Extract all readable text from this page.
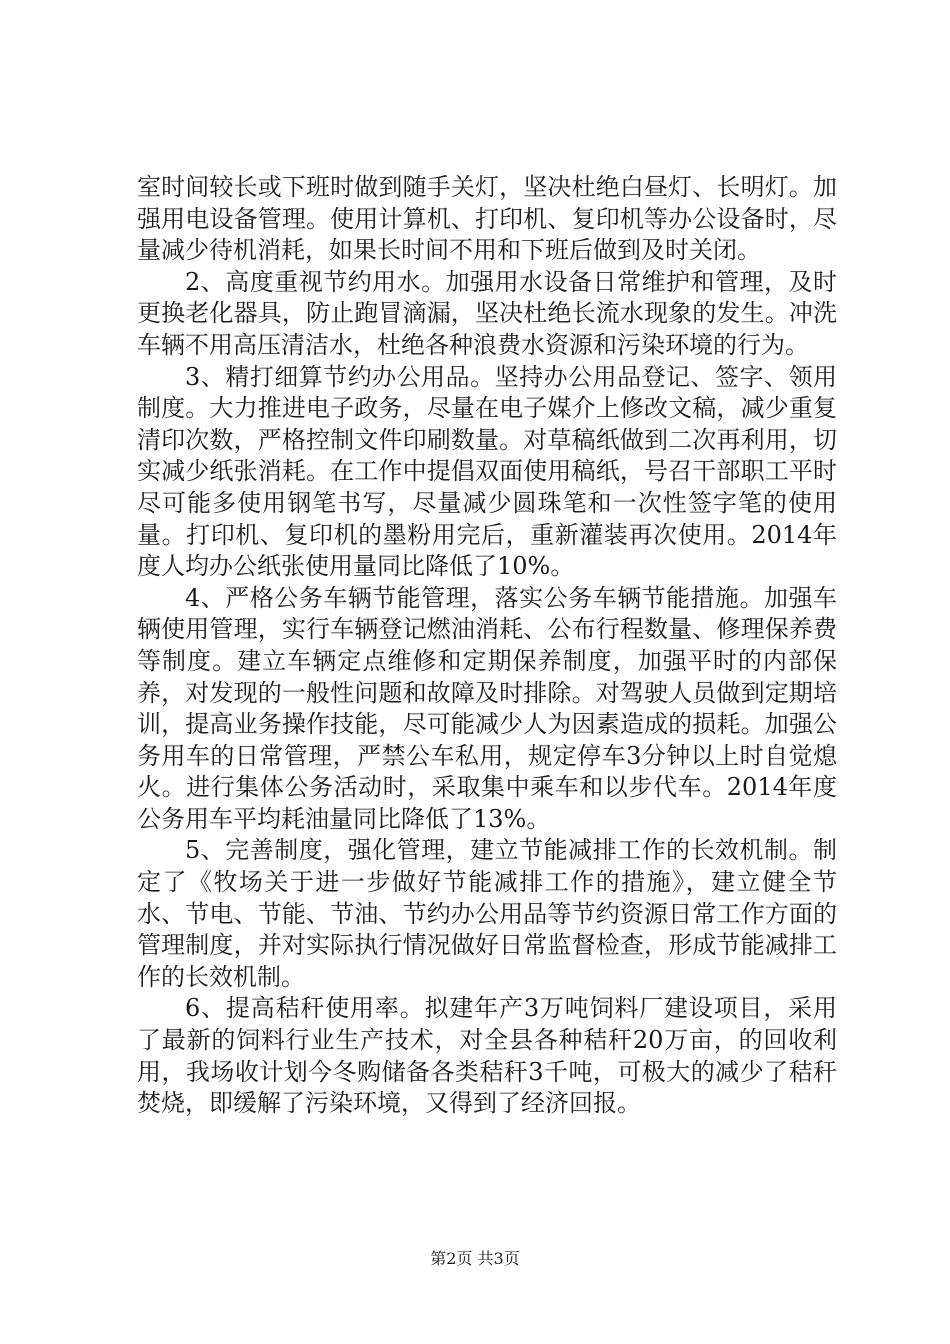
室时间较长或下班时做到随手关灯，坚决杜绝白昼灯、长明灯。加强用电设备管理。使用计算机、打印机、复印机等办公设备时，尽量减少待机消耗，如果长时间不用和下班后做到及时关闭。

2、高度重视节约用水。加强用水设备日常维护和管理，及时更换老化器具，防止跑冒滴漏，坚决杜绝长流水现象的发生。冲洗车辆不用高压清洁水，杜绝各种浪费水资源和污染环境的行为。

3、精打细算节约办公用品。坚持办公用品登记、签字、领用制度。大力推进电子政务，尽量在电子媒介上修改文稿，减少重复清印次数，严格控制文件印刷数量。对草稿纸做到二次再利用，切实减少纸张消耗。在工作中提倡双面使用稿纸，号召干部职工平时尽可能多使用钢笔书写，尽量减少圆珠笔和一次性签字笔的使用量。打印机、复印机的墨粉用完后，重新灌装再次使用。2014年度人均办公纸张使用量同比降低了10%。

4、严格公务车辆节能管理，落实公务车辆节能措施。加强车辆使用管理，实行车辆登记燃油消耗、公布行程数量、修理保养费等制度。建立车辆定点维修和定期保养制度，加强平时的内部保养，对发现的一般性问题和故障及时排除。对驾驶人员做到定期培训，提高业务操作技能，尽可能减少人为因素造成的损耗。加强公务用车的日常管理，严禁公车私用，规定停车3分钟以上时自觉熄火。进行集体公务活动时，采取集中乘车和以步代车。2014年度公务用车平均耗油量同比降低了13%。

5、完善制度，强化管理，建立节能减排工作的长效机制。制定了《牧场关于进一步做好节能减排工作的措施》，建立健全节水、节电、节能、节油、节约办公用品等节约资源日常工作方面的管理制度，并对实际执行情况做好日常监督检查，形成节能减排工作的长效机制。

6、提高秸秆使用率。拟建年产3万吨饲料厂建设项目，采用了最新的饲料行业生产技术，对全县各种秸秆20万亩，的回收利用，我场收计划今冬购储备各类秸秆3千吨，可极大的减少了秸秆焚烧，即缓解了污染环境，又得到了经济回报。

第2页 共3页
